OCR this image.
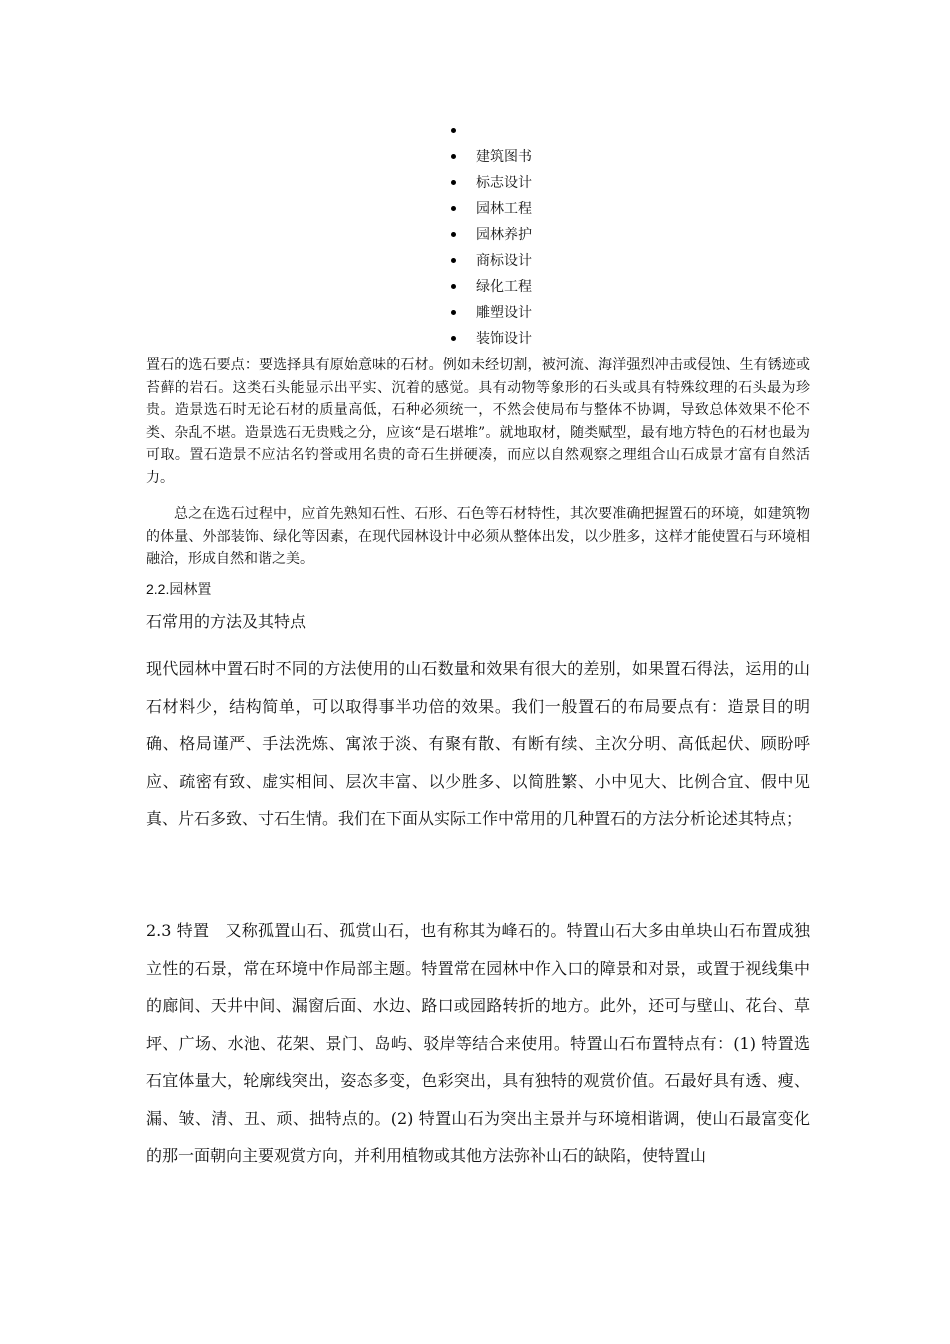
建筑图书
标志设计
园林工程
园林养护
商标设计
绿化工程
雕塑设计
装饰设计

置石的选石要点：要选择具有原始意味的石材。例如未经切割，被河流、海洋强烈冲击或侵蚀、生有锈迹或苔藓的岩石。这类石头能显示出平实、沉着的感觉。具有动物等象形的石头或具有特殊纹理的石头最为珍贵。造景选石时无论石材的质量高低，石种必须统一，不然会使局布与整体不协调，导致总体效果不伦不类、杂乱不堪。造景选石无贵贱之分，应该“是石堪堆”。就地取材，随类赋型，最有地方特色的石材也最为可取。置石造景不应沽名钓誉或用名贵的奇石生拼硬凑，而应以自然观察之理组合山石成景才富有自然活力。

总之在选石过程中，应首先熟知石性、石形、石色等石材特性，其次要准确把握置石的环境，如建筑物的体量、外部装饰、绿化等因素，在现代园林设计中必须从整体出发，以少胜多，这样才能使置石与环境相融洽，形成自然和谐之美。

2.2.园林置

石常用的方法及其特点

现代园林中置石时不同的方法使用的山石数量和效果有很大的差别，如果置石得法，运用的山石材料少，结构简单，可以取得事半功倍的效果。我们一般置石的布局要点有：造景目的明确、格局谨严、手法洗炼、寓浓于淡、有聚有散、有断有续、主次分明、高低起伏、顾盼呼应、疏密有致、虚实相间、层次丰富、以少胜多、以简胜繁、小中见大、比例合宜、假中见真、片石多致、寸石生情。我们在下面从实际工作中常用的几种置石的方法分析论述其特点；

2.3 特置　又称孤置山石、孤赏山石，也有称其为峰石的。特置山石大多由单块山石布置成独立性的石景，常在环境中作局部主题。特置常在园林中作入口的障景和对景，或置于视线集中的廊间、天井中间、漏窗后面、水边、路口或园路转折的地方。此外，还可与壁山、花台、草坪、广场、水池、花架、景门、岛屿、驳岸等结合来使用。特置山石布置特点有：(1) 特置选石宜体量大，轮廓线突出，姿态多变，色彩突出，具有独特的观赏价值。石最好具有透、瘦、漏、皱、清、丑、顽、拙特点的。(2) 特置山石为突出主景并与环境相谐调，使山石最富变化的那一面朝向主要观赏方向，并利用植物或其他方法弥补山石的缺陷，使特置山
